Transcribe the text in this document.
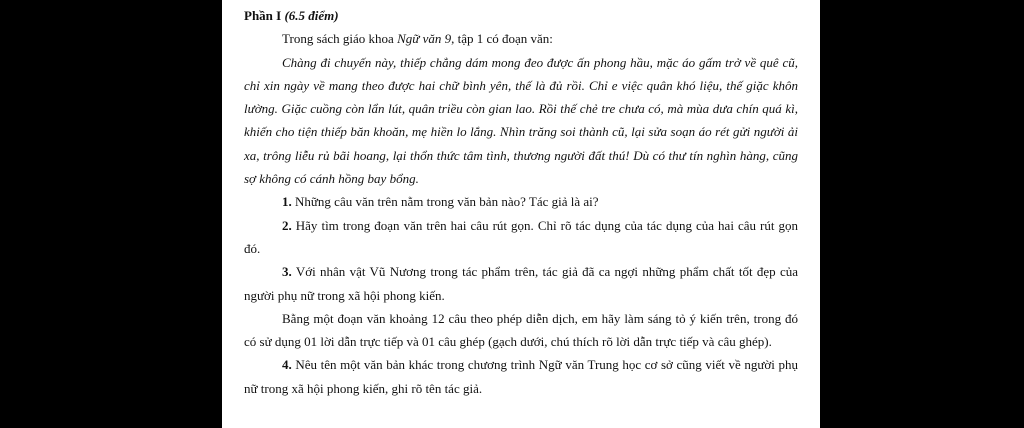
Phần I (6.5 điểm)

Trong sách giáo khoa Ngữ văn 9, tập 1 có đoạn văn:

Chàng đi chuyến này, thiếp chẳng dám mong đeo được ấn phong hầu, mặc áo gấm trở về quê cũ, chỉ xin ngày về mang theo được hai chữ bình yên, thế là đủ rồi. Chỉ e việc quân khó liệu, thế giặc khôn lường. Giặc cuồng còn lẩn lút, quân triều còn gian lao. Rồi thế chẻ tre chưa có, mà mùa dưa chín quá kì, khiến cho tiện thiếp băn khoăn, mẹ hiền lo lắng. Nhìn trăng soi thành cũ, lại sửa soạn áo rét gửi người ải xa, trông liễu rủ bãi hoang, lại thổn thức tâm tình, thương người đất thú! Dù có thư tín nghìn hàng, cũng sợ không có cánh hồng bay bổng.

1. Những câu văn trên nằm trong văn bản nào? Tác giả là ai?

2. Hãy tìm trong đoạn văn trên hai câu rút gọn. Chỉ rõ tác dụng của tác dụng của hai câu rút gọn đó.

3. Với nhân vật Vũ Nương trong tác phẩm trên, tác giả đã ca ngợi những phẩm chất tốt đẹp của người phụ nữ trong xã hội phong kiến.

Bằng một đoạn văn khoảng 12 câu theo phép diễn dịch, em hãy làm sáng tỏ ý kiến trên, trong đó có sử dụng 01 lời dẫn trực tiếp và 01 câu ghép (gạch dưới, chú thích rõ lời dẫn trực tiếp và câu ghép).

4. Nêu tên một văn bản khác trong chương trình Ngữ văn Trung học cơ sở cũng viết về người phụ nữ trong xã hội phong kiến, ghi rõ tên tác giả.
